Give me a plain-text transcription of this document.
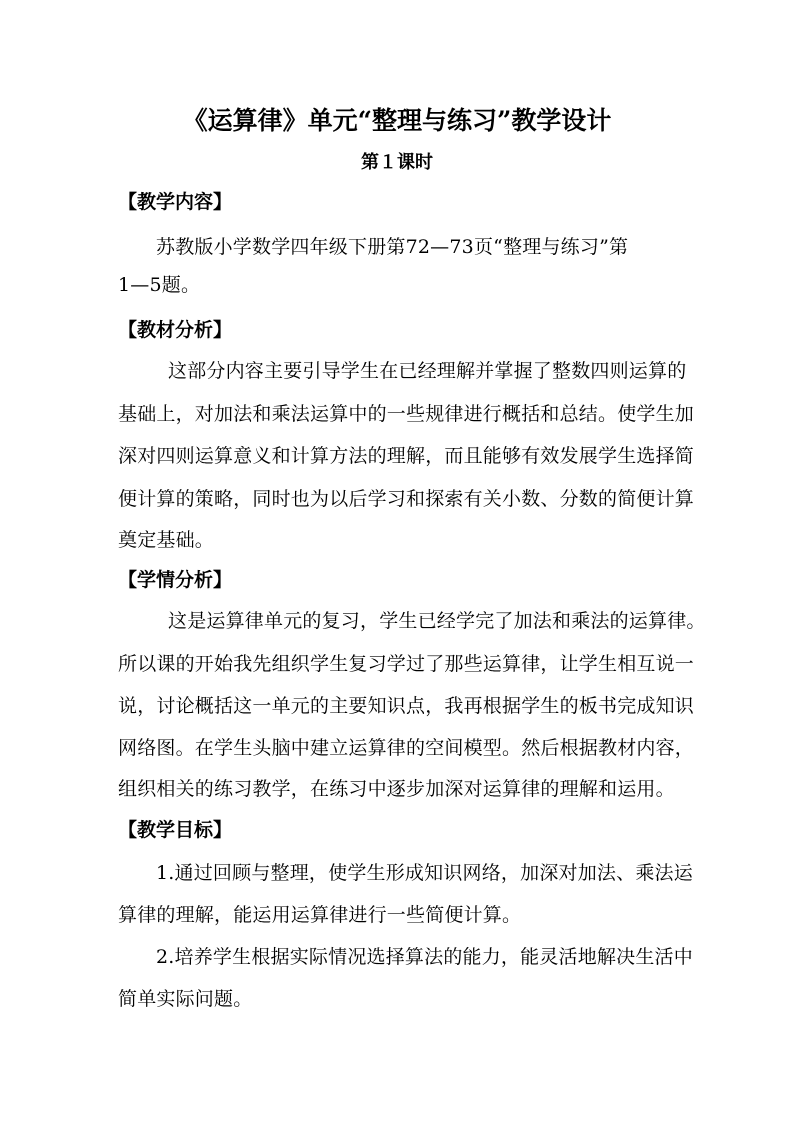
《运算律》单元“整理与练习”教学设计
第１课时
【教学内容】
苏教版小学数学四年级下册第72—73页“整理与练习”第
1—5题。
【教材分析】
这部分内容主要引导学生在已经理解并掌握了整数四则运算的
基础上，对加法和乘法运算中的一些规律进行概括和总结。使学生加
深对四则运算意义和计算方法的理解，而且能够有效发展学生选择简
便计算的策略，同时也为以后学习和探索有关小数、分数的简便计算
奠定基础。
【学情分析】
这是运算律单元的复习，学生已经学完了加法和乘法的运算律。
所以课的开始我先组织学生复习学过了那些运算律，让学生相互说一
说，讨论概括这一单元的主要知识点，我再根据学生的板书完成知识
网络图。在学生头脑中建立运算律的空间模型。然后根据教材内容，
组织相关的练习教学，在练习中逐步加深对运算律的理解和运用。
【教学目标】
1.通过回顾与整理，使学生形成知识网络，加深对加法、乘法运
算律的理解，能运用运算律进行一些简便计算。
2.培养学生根据实际情况选择算法的能力，能灵活地解决生活中
简单实际问题。
